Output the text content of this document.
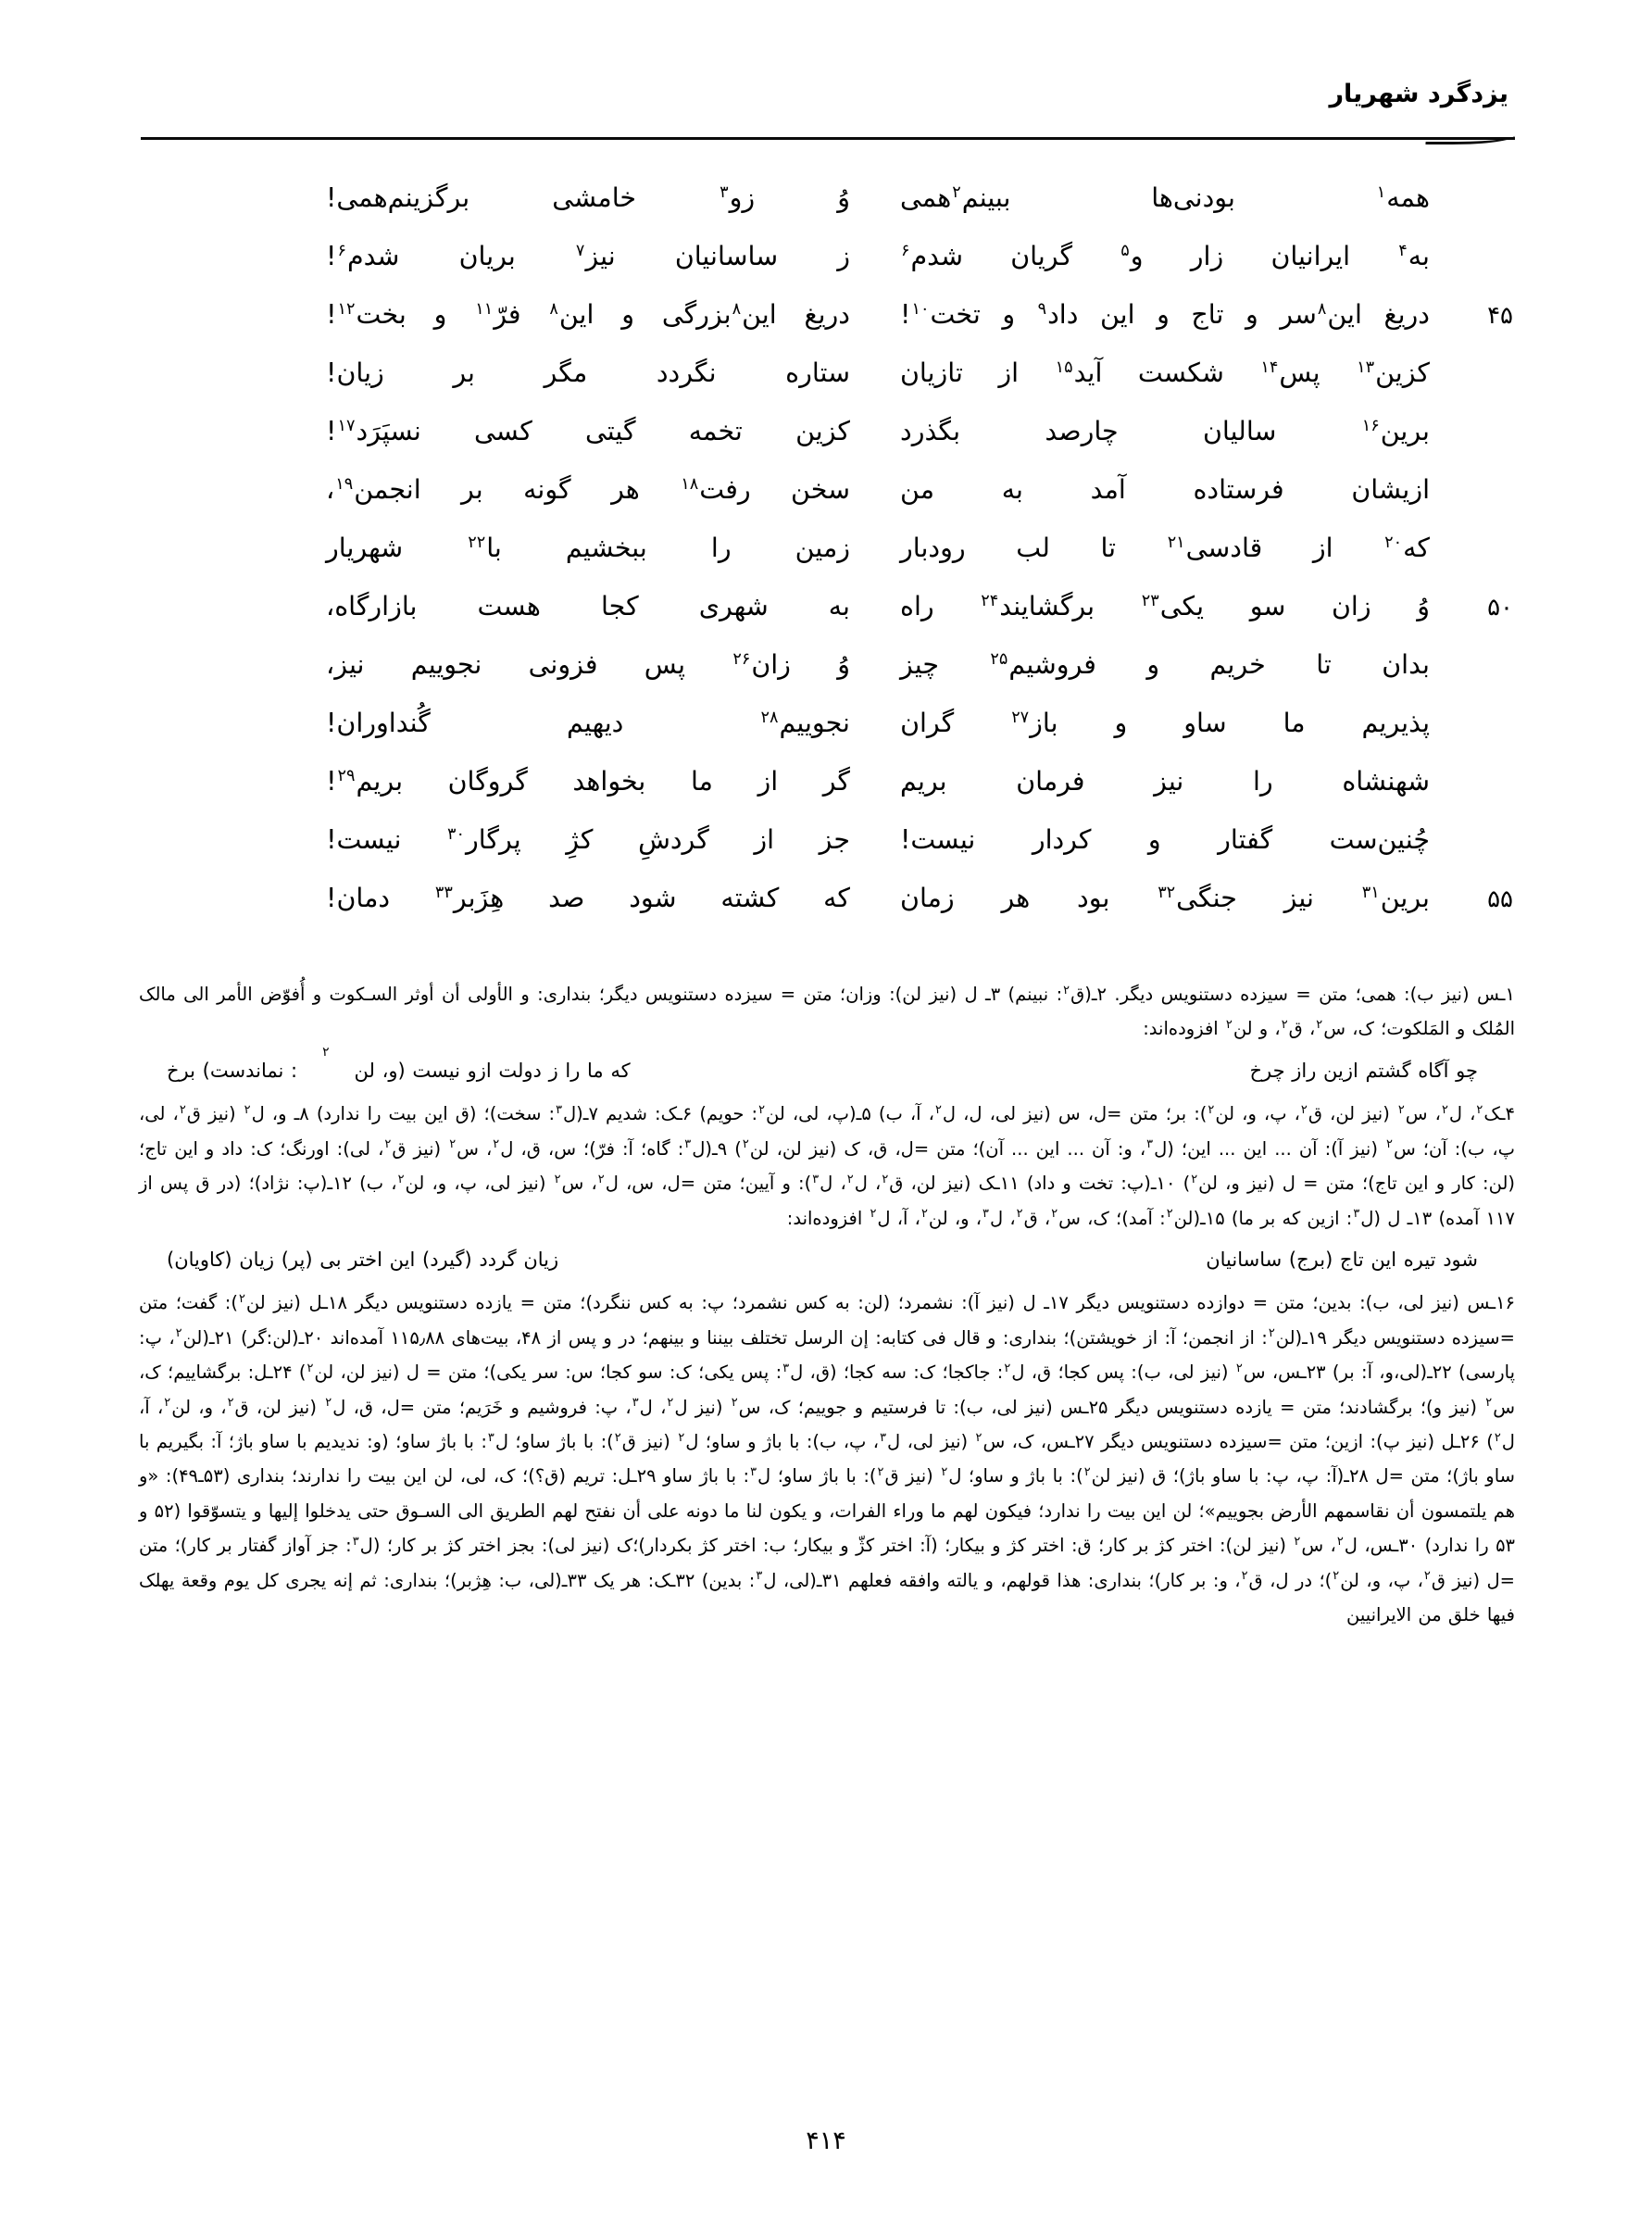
یزدگرد شهریار
همه$^۱$
بودنی‌ها
ببینم$^۲$همی
وُ
زو$^۳$
خامشی
برگزینم‌همی!
به$^۴$
ایرانیان
زار
و$^۵$
گریان
شدم$^۶$
ز
ساسانیان
نیز$^۷$
بریان
شدم$^۶$!
۴۵
دریغ
این$^۸$سر
و
تاج
و
این
داد$^۹$
و
تخت$^{۱۰}$!
دریغ
این$^۸$بزرگی
و
این$^۸$
فرّ$^{۱۱}$
و
بخت$^{۱۲}$!
کزین$^{۱۳}$
پس$^{۱۴}$
شکست
آید$^{۱۵}$
از
تازیان
ستاره
نگردد
مگر
بر
زیان!
برین$^{۱۶}$
سالیان
چارصد
بگذرد
کزین
تخمه
گیتی
کسی
نسپَرَد$^{۱۷}$!
ازیشان
فرستاده
آمد
به
من
سخن
رفت$^{۱۸}$
هر
گونه
بر
انجمن$^{۱۹}$،
که$^{۲۰}$
از
قادسی$^{۲۱}$
تا
لب
رودبار
زمین
را
ببخشیم
با$^{۲۲}$
شهریار
۵۰
وُ
زان
سو
یکی$^{۲۳}$
برگشایند$^{۲۴}$
راه
به
شهری
کجا
هست
بازارگاه،
بدان
تا
خریم
و
فروشیم$^{۲۵}$
چیز
وُ
زان$^{۲۶}$
پس
فزونی
نجوییم
نیز،
پذیریم
ما
ساو
و
باز$^{۲۷}$
گران
نجوییم$^{۲۸}$
دیهیم
گُنداوران!
شهنشاه
را
نیز
فرمان
بریم
گر
از
ما
بخواهد
گروگان
بریم$^{۲۹}$!
چُنین‌ست
گفتار
و
کردار
نیست!
جز
از
گردشِ
کژِ
پرگار$^{۳۰}$
نیست!
۵۵
برین$^{۳۱}$
نیز
جنگی$^{۳۲}$
بود
هر
زمان
که
کشته
شود
صد
هِزَبر$^{۳۳}$
دمان!

۱ـس (نیز ب): همی؛ متن = سیزده دستنویس دیگر. ۲ـ(ق$^۲$: نبینم) ۳ـ ل (نیز لن): وزان؛ متن = سیزده دستنویس دیگر؛ بنداری: و الأولی أن أوثر السـکوت و أُفوّض الأمر الی مالک المُلک و المَلکوت؛ ک، س$^۲$، ق$^۲$، و لن$^۲$ افزوده‌اند:

چو آگاه گشتم ازین راز چرخ
که ما را ز دولت ازو نیست (و، لن
۲
: نماندست) برخ

۴ـک$^۲$، ل$^۲$، س$^۲$ (نیز لن، ق$^۲$، پ، و، لن$^۲$): بر؛ متن =ل، س (نیز لی، ل، ل$^۲$، آ، ب) ۵ـ(پ، لی، لن$^۲$: حویم) ۶ـک: شدیم ۷ـ(ل$^۳$: سخت)؛ (ق این بیت را ندارد) ۸ـ و، ل$^۲$ (نیز ق$^۲$، لی، پ، ب): آن؛ س$^۲$ (نیز آ): آن ... این ... این؛ (ل$^۳$، و: آن ... این ... آن)؛ متن =ل، ق، ک (نیز لن، لن$^۲$) ۹ـ(ل$^۳$: گاه؛ آ: فرّ)؛ س، ق، ل$^۲$، س$^۲$ (نیز ق$^۲$، لی): اورنگ؛ ک: داد و این تاج؛ (لن: کار و این تاج)؛ متن = ل (نیز و، لن$^۲$) ۱۰ـ(پ: تخت و داد) ۱۱ـک (نیز لن، ق$^۲$، ل$^۲$، ل$^۳$): و آیین؛ متن =ل، س، ل$^۲$، س$^۲$ (نیز لی، پ، و، لن$^۲$، ب) ۱۲ـ(پ: نژاد)؛ (در ق پس از ۱۱۷ آمده) ۱۳ـ ل (ل$^۳$: ازین که بر ما) ۱۵ـ(لن$^۲$: آمد)؛ ک، س$^۲$، ق$^۲$، ل$^۳$، و، لن$^۲$، آ، ل$^۲$ افزوده‌اند:

شود تیره این تاج (برج) ساسانیان
زیان گردد (گیرد) این اختر بی (پر) زیان (کاویان)

۱۶ـس (نیز لی، ب): بدین؛ متن = دوازده دستنویس دیگر ۱۷ـ ل (نیز آ): نشمرد؛ (لن: به کس نشمرد؛ پ: به کس ننگرد)؛ متن = یازده دستنویس دیگر ۱۸ـل (نیز لن$^۲$): گفت؛ متن =سیزده دستنویس دیگر ۱۹ـ(لن$^۲$: از انجمن؛ آ: از خویشتن)؛ بنداری: و قال فی کتابه: إن الرسل تختلف بیننا و بینهم؛ در و پس از ۴۸، بیت‌های ۱۱۵٫۸۸ آمده‌اند ۲۰ـ(لن:گر) ۲۱ـ(لن$^۲$، پ: پارسی) ۲۲ـ(لی،و، آ: بر) ۲۳ـس، س$^۲$ (نیز لی، ب): پس کجا؛ ق، ل$^۲$: جاکجا؛ ک: سه کجا؛ (ق، ل$^۳$: پس یکی؛ ک: سو کجا؛ س: سر یکی)؛ متن = ل (نیز لن، لن$^۲$) ۲۴ـل: برگشاییم؛ ک، س$^۲$ (نیز و)؛ برگشادند؛ متن = یازده دستنویس دیگر ۲۵ـس (نیز لی، ب): تا فرستیم و جوییم؛ ک، س$^۲$ (نیز ل$^۲$، ل$^۳$، پ: فروشیم و خَرَیم؛ متن =ل، ق، ل$^۲$ (نیز لن، ق$^۲$، و، لن$^۲$، آ، ل$^۲$) ۲۶ـل (نیز پ): ازین؛ متن =سیزده دستنویس دیگر ۲۷ـس، ک، س$^۲$ (نیز لی، ل$^۳$، پ، ب): با باژ و ساو؛ ل$^۲$ (نیز ق$^۲$): با باژ ساو؛ ل$^۳$: با باژ ساو؛ (و: ندیدیم با ساو باژ؛ آ: بگیریم با ساو باژ)؛ متن =ل ۲۸ـ(آ: پ، پ: با ساو باژ)؛ ق (نیز لن$^۲$): با باژ و ساو؛ ل$^۲$ (نیز ق$^۲$): با باژ ساو؛ ل$^۳$: با باژ ساو ۲۹ـل: تریم (ق؟)؛ ک، لی، لن این بیت را ندارند؛ بنداری (۵۳ـ۴۹): «و هم یلتمسون أن نقاسمهم الأرض بجوییم»؛ لن این بیت را ندارد؛ فیکون لهم ما وراء الفرات، و یکون لنا ما دونه علی أن نفتح لهم الطریق الی السـوق حتی یدخلوا إلیها و یتسوّقوا (۵۲ و ۵۳ را ندارد) ۳۰ـس، ل$^۲$، س$^۲$ (نیز لن): اختر کژ بر کار؛ ق: اختر کژ و بیکار؛ (آ: اختر کژّ و بیکار؛ ب: اختر کژ بکردار)؛ک (نیز لی): بجز اختر کژ بر کار؛ (ل$^۳$: جز آواز گفتار بر کار)؛ متن =ل (نیز ق$^۲$، پ، و، لن$^۲$)؛ در ل، ق$^۲$، و: بر کار)؛ بنداری: هذا قولهم، و یالته وافقه فعلهم ۳۱ـ(لی، ل$^۳$: بدین) ۳۲ـک: هر یک ۳۳ـ(لی، ب: هِژبر)؛ بنداری: ثم إنه یجری کل یوم وقعة یهلک فیها خلق من الایرانیین

۴۱۴
